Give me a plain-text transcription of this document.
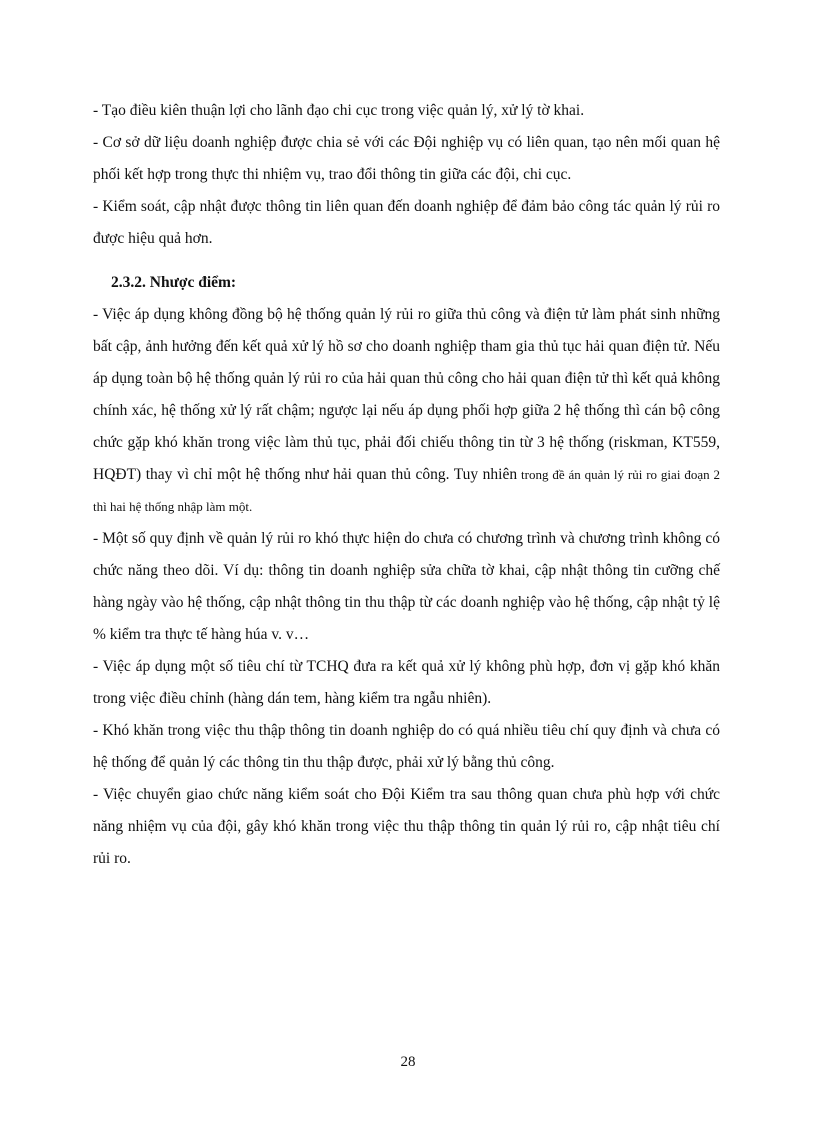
- Tạo điều kiên thuận lợi cho lãnh đạo chi cục trong việc quản lý, xử lý tờ khai.

- Cơ sở dữ liệu doanh nghiệp được chia sẻ với các Đội nghiệp vụ có liên quan, tạo nên mối quan hệ phối kết hợp trong thực thi nhiệm vụ, trao đổi thông tin giữa các đội, chi cục.

- Kiểm soát, cập nhật được thông tin liên quan đến doanh nghiệp để đảm bảo công tác quản lý rủi ro được hiệu quả hơn.

2.3.2. Nhược điểm:

- Việc áp dụng không đồng bộ hệ thống quản lý rủi ro giữa thủ công và điện tử làm phát sinh những bất cập, ảnh hưởng đến kết quả xử lý hồ sơ cho doanh nghiệp tham gia thủ tục hải quan điện tử. Nếu áp dụng toàn bộ hệ thống quản lý rủi ro của hải quan thủ công cho hải quan điện tử thì kết quả không chính xác, hệ thống xử lý rất chậm; ngược lại nếu áp dụng phối hợp giữa 2 hệ thống thì cán bộ công chức gặp khó khăn trong việc làm thủ tục, phải đối chiếu thông tin từ 3 hệ thống (riskman, KT559, HQĐT) thay vì chỉ một hệ thống như hải quan thủ công. Tuy nhiên trong đề án quản lý rủi ro giai đoạn 2 thì hai hệ thống nhập làm một.

- Một số quy định về quản lý rủi ro khó thực hiện do chưa có chương trình và chương trình không có chức năng theo dõi. Ví dụ: thông tin doanh nghiệp sửa chữa tờ khai, cập nhật thông tin cưỡng chế hàng ngày vào hệ thống, cập nhật thông tin thu thập từ các doanh nghiệp vào hệ thống, cập nhật tỷ lệ % kiểm tra thực tế hàng húa v. v…

- Việc áp dụng một số tiêu chí từ TCHQ đưa ra kết quả xử lý không phù hợp, đơn vị gặp khó khăn trong việc điều chỉnh (hàng dán tem, hàng kiểm tra ngẫu nhiên).

- Khó khăn trong việc thu thập thông tin doanh nghiệp do có quá nhiều tiêu chí quy định và chưa có hệ thống để quản lý các thông tin thu thập được, phải xử lý bằng thủ công.

- Việc chuyển giao chức năng kiểm soát cho Đội Kiểm tra sau thông quan chưa phù hợp với chức năng nhiệm vụ của đội, gây khó khăn trong việc thu thập thông tin quản lý rủi ro, cập nhật tiêu chí rủi ro.

28
